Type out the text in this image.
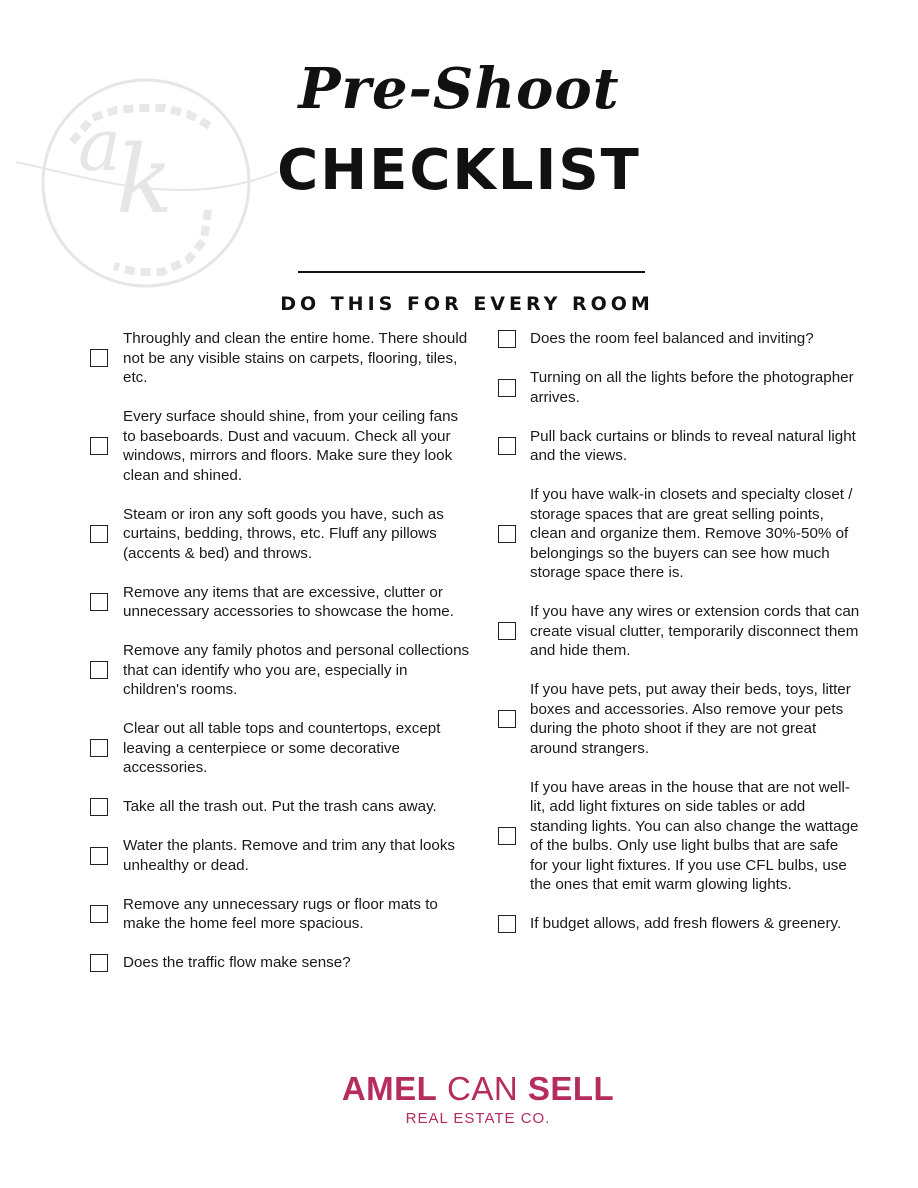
a
k
Pre-Shoot
CHECKLIST
DO THIS FOR EVERY ROOM
Throughly and clean the entire home. There should not be any visible stains on carpets, flooring, tiles, etc.
Every surface should shine, from your ceiling fans to baseboards. Dust and vacuum. Check all your windows, mirrors and floors. Make sure they look clean and shined.
Steam or iron any soft goods you have, such as curtains, bedding, throws, etc. Fluff any pillows (accents & bed) and throws.
Remove any items that are excessive, clutter or unnecessary accessories to showcase the home.
Remove any family photos and personal collections that can identify who you are, especially in children's rooms.
Clear out all table tops and countertops, except leaving a centerpiece or some decorative accessories.
Take all the trash out. Put the trash cans away.
Water the plants. Remove and trim any that looks unhealthy or dead.
Remove any unnecessary rugs or floor mats to make the home feel more spacious.
Does the traffic flow make sense?
Does the room feel balanced and inviting?
Turning on all the lights before the photographer arrives.
Pull back curtains or blinds to reveal natural light and the views.
If you have walk-in closets and specialty closet / storage spaces that are great selling points, clean and organize them. Remove 30%-50% of belongings so the buyers can see how much storage space there is.
If you have any wires or extension cords that can create visual clutter, temporarily disconnect them and hide them.
If you have pets, put away their beds, toys, litter boxes and accessories. Also remove your pets during the photo shoot if they are not great around strangers.
If you have areas in the house that are not well-lit, add light fixtures on side tables or add standing lights. You can also change the wattage of the bulbs. Only use light bulbs that are safe for your light fixtures. If you use CFL bulbs, use the ones that emit warm glowing lights.
If budget allows, add fresh flowers & greenery.
AMEL CAN SELL
REAL ESTATE CO.
